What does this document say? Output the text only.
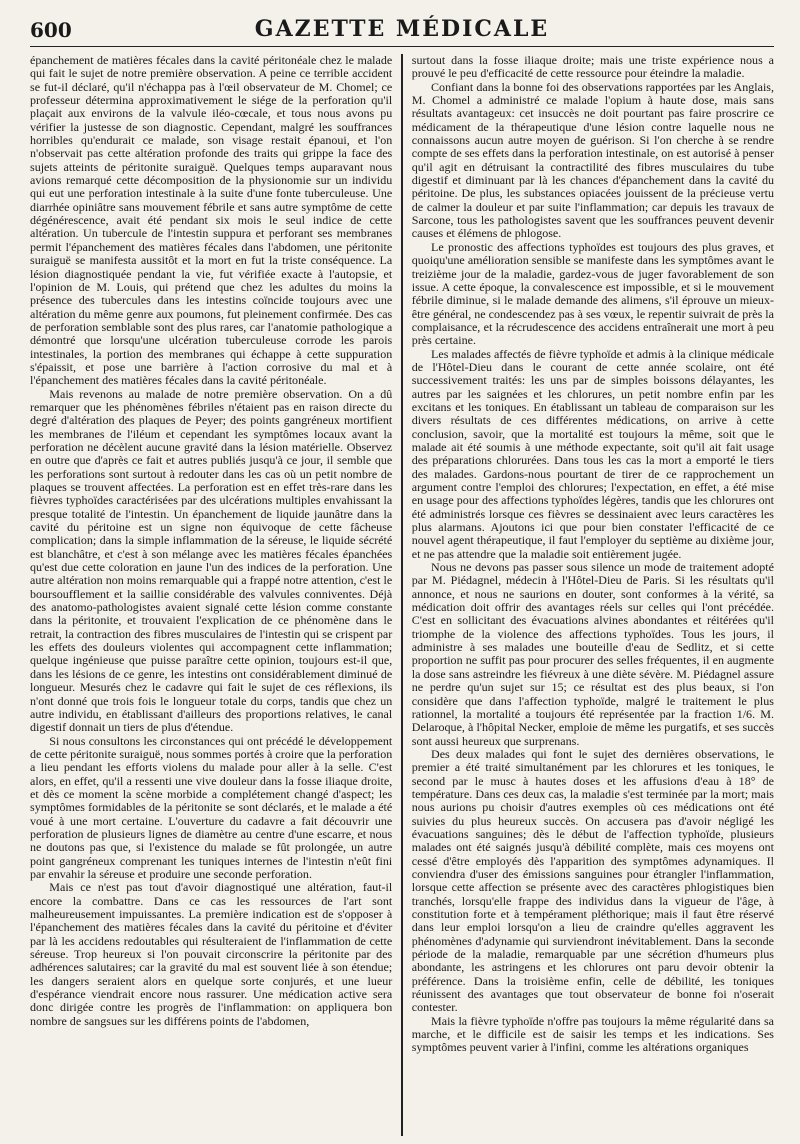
600	GAZETTE MÉDICALE

épanchement de matières fécales dans la cavité péritonéale chez le malade qui fait le sujet de notre première observation. A peine ce terrible accident se fut-il déclaré, qu'il n'échappa pas à l'œil observateur de M. Chomel; ce professeur détermina approximativement le siége de la perforation qu'il plaçait aux environs de la valvule iléo-cœcale, et tous nous avons pu vérifier la justesse de son diagnostic. Cependant, malgré les souffrances horribles qu'endurait ce malade, son visage restait épanoui, et l'on n'observait pas cette altération profonde des traits qui grippe la face des sujets atteints de péritonite suraiguë. Quelques temps auparavant nous avions remarqué cette décomposition de la physionomie sur un individu qui eut une perforation intestinale à la suite d'une fonte tuberculeuse. Une diarrhée opiniâtre sans mouvement fébrile et sans autre symptôme de cette dégénérescence, avait été pendant six mois le seul indice de cette altération. Un tubercule de l'intestin suppura et perforant ses membranes permit l'épanchement des matières fécales dans l'abdomen, une péritonite suraiguë se manifesta aussitôt et la mort en fut la triste conséquence. La lésion diagnostiquée pendant la vie, fut vérifiée exacte à l'autopsie, et l'opinion de M. Louis, qui prétend que chez les adultes du moins la présence des tubercules dans les intestins coïncide toujours avec une altération du même genre aux poumons, fut pleinement confirmée. Des cas de perforation semblable sont des plus rares, car l'anatomie pathologique a démontré que lorsqu'une ulcération tuberculeuse corrode les parois intestinales, la portion des membranes qui échappe à cette suppuration s'épaissit, et pose une barrière à l'action corrosive du mal et à l'épanchement des matières fécales dans la cavité péritonéale.

Mais revenons au malade de notre première observation. On a dû remarquer que les phénomènes fébriles n'étaient pas en raison directe du degré d'altération des plaques de Peyer; des points gangréneux mortifient les membranes de l'iléum et cependant les symptômes locaux avant la perforation ne décèlent aucune gravité dans la lésion matérielle. Observez en outre que d'après ce fait et autres publiés jusqu'à ce jour, il semble que les perforations sont surtout à redouter dans les cas où un petit nombre de plaques se trouvent affectées. La perforation est en effet très-rare dans les fièvres typhoïdes caractérisées par des ulcérations multiples envahissant la presque totalité de l'intestin. Un épanchement de liquide jaunâtre dans la cavité du péritoine est un signe non équivoque de cette fâcheuse complication; dans la simple inflammation de la séreuse, le liquide sécrété est blanchâtre, et c'est à son mélange avec les matières fécales épanchées qu'est due cette coloration en jaune l'un des indices de la perforation. Une autre altération non moins remarquable qui a frappé notre attention, c'est le boursoufflement et la saillie considérable des valvules conniventes. Déjà des anatomo-pathologistes avaient signalé cette lésion comme constante dans la péritonite, et trouvaient l'explication de ce phénomène dans le retrait, la contraction des fibres musculaires de l'intestin qui se crispent par les effets des douleurs violentes qui accompagnent cette inflammation; quelque ingénieuse que puisse paraître cette opinion, toujours est-il que, dans les lésions de ce genre, les intestins ont considérablement diminué de longueur. Mesurés chez le cadavre qui fait le sujet de ces réflexions, ils n'ont donné que trois fois le longueur totale du corps, tandis que chez un autre individu, en établissant d'ailleurs des proportions relatives, le canal digestif donnait un tiers de plus d'étendue.

Si nous consultons les circonstances qui ont précédé le développement de cette péritonite suraiguë, nous sommes portés à croire que la perforation a lieu pendant les efforts violens du malade pour aller à la selle. C'est alors, en effet, qu'il a ressenti une vive douleur dans la fosse iliaque droite, et dès ce moment la scène morbide a complétement changé d'aspect; les symptômes formidables de la péritonite se sont déclarés, et le malade a été voué à une mort certaine. L'ouverture du cadavre a fait découvrir une perforation de plusieurs lignes de diamètre au centre d'une escarre, et nous ne doutons pas que, si l'existence du malade se fût prolongée, un autre point gangréneux comprenant les tuniques internes de l'intestin n'eût fini par envahir la séreuse et produire une seconde perforation.

Mais ce n'est pas tout d'avoir diagnostiqué une altération, faut-il encore la combattre. Dans ce cas les ressources de l'art sont malheureusement impuissantes. La première indication est de s'opposer à l'épanchement des matières fécales dans la cavité du péritoine et d'éviter par là les accidens redoutables qui résulteraient de l'inflammation de cette séreuse. Trop heureux si l'on pouvait circonscrire la péritonite par des adhérences salutaires; car la gravité du mal est souvent liée à son étendue; les dangers seraient alors en quelque sorte conjurés, et une lueur d'espérance viendrait encore nous rassurer. Une médication active sera donc dirigée contre les progrès de l'inflammation: on appliquera bon nombre de sangsues sur les différens points de l'abdomen,

surtout dans la fosse iliaque droite; mais une triste expérience nous a prouvé le peu d'efficacité de cette ressource pour éteindre la maladie.

Confiant dans la bonne foi des observations rapportées par les Anglais, M. Chomel a administré ce malade l'opium à haute dose, mais sans résultats avantageux: cet insuccès ne doit pourtant pas faire proscrire ce médicament de la thérapeutique d'une lésion contre laquelle nous ne connaissons aucun autre moyen de guérison. Si l'on cherche à se rendre compte de ses effets dans la perforation intestinale, on est autorisé à penser qu'il agit en détruisant la contractilité des fibres musculaires du tube digestif et diminuant par là les chances d'épanchement dans la cavité du péritoine. De plus, les substances opiacées jouissent de la précieuse vertu de calmer la douleur et par suite l'inflammation; car depuis les travaux de Sarcone, tous les pathologistes savent que les souffrances peuvent devenir causes et élémens de phlogose.

Le pronostic des affections typhoïdes est toujours des plus graves, et quoiqu'une amélioration sensible se manifeste dans les symptômes avant le treizième jour de la maladie, gardez-vous de juger favorablement de son issue. A cette époque, la convalescence est impossible, et si le mouvement fébrile diminue, si le malade demande des alimens, s'il éprouve un mieux-être général, ne condescendez pas à ses vœux, le repentir suivrait de près la complaisance, et la récrudescence des accidens entraînerait une mort à peu près certaine.

Les malades affectés de fièvre typhoïde et admis à la clinique médicale de l'Hôtel-Dieu dans le courant de cette année scolaire, ont été successivement traités: les uns par de simples boissons délayantes, les autres par les saignées et les chlorures, un petit nombre enfin par les excitans et les toniques. En établissant un tableau de comparaison sur les divers résultats de ces différentes médications, on arrive à cette conclusion, savoir, que la mortalité est toujours la même, soit que le malade ait été soumis à une méthode expectante, soit qu'il ait fait usage des préparations chlorurées. Dans tous les cas la mort a emporté le tiers des malades. Gardons-nous pourtant de tirer de ce rapprochement un argument contre l'emploi des chlorures; l'expectation, en effet, a été mise en usage pour des affections typhoïdes légères, tandis que les chlorures ont été administrés lorsque ces fièvres se dessinaient avec leurs caractères les plus alarmans. Ajoutons ici que pour bien constater l'efficacité de ce nouvel agent thérapeutique, il faut l'employer du septième au dixième jour, et ne pas attendre que la maladie soit entièrement jugée.

Nous ne devons pas passer sous silence un mode de traitement adopté par M. Piédagnel, médecin à l'Hôtel-Dieu de Paris. Si les résultats qu'il annonce, et nous ne saurions en douter, sont conformes à la vérité, sa médication doit offrir des avantages réels sur celles qui l'ont précédée. C'est en sollicitant des évacuations alvines abondantes et réitérées qu'il triomphe de la violence des affections typhoïdes. Tous les jours, il administre à ses malades une bouteille d'eau de Sedlitz, et si cette proportion ne suffit pas pour procurer des selles fréquentes, il en augmente la dose sans astreindre les fiévreux à une diète sévère. M. Piédagnel assure ne perdre qu'un sujet sur 15; ce résultat est des plus beaux, si l'on considère que dans l'affection typhoïde, malgré le traitement le plus rationnel, la mortalité a toujours été représentée par la fraction 1/6. M. Delaroque, à l'hôpital Necker, emploie de même les purgatifs, et ses succès sont aussi heureux que surprenans.

Des deux malades qui font le sujet des dernières observations, le premier a été traité simultanément par les chlorures et les toniques, le second par le musc à hautes doses et les affusions d'eau à 18° de température. Dans ces deux cas, la maladie s'est terminée par la mort; mais nous aurions pu choisir d'autres exemples où ces médications ont été suivies du plus heureux succès. On accusera pas d'avoir négligé les évacuations sanguines; dès le début de l'affection typhoïde, plusieurs malades ont été saignés jusqu'à débilité complète, mais ces moyens ont cessé d'être employés dès l'apparition des symptômes adynamiques. Il conviendra d'user des émissions sanguines pour étrangler l'inflammation, lorsque cette affection se présente avec des caractères phlogistiques bien tranchés, lorsqu'elle frappe des individus dans la vigueur de l'âge, à constitution forte et à tempérament pléthorique; mais il faut être réservé dans leur emploi lorsqu'on a lieu de craindre qu'elles aggravent les phénomènes d'adynamie qui surviendront inévitablement. Dans la seconde période de la maladie, remarquable par une sécrétion d'humeurs plus abondante, les astringens et les chlorures ont paru devoir obtenir la préférence. Dans la troisième enfin, celle de débilité, les toniques réunissent des avantages que tout observateur de bonne foi n'oserait contester.

Mais la fièvre typhoïde n'offre pas toujours la même régularité dans sa marche, et le difficile est de saisir les temps et les indications. Ses symptômes peuvent varier à l'infini, comme les altérations organiques
